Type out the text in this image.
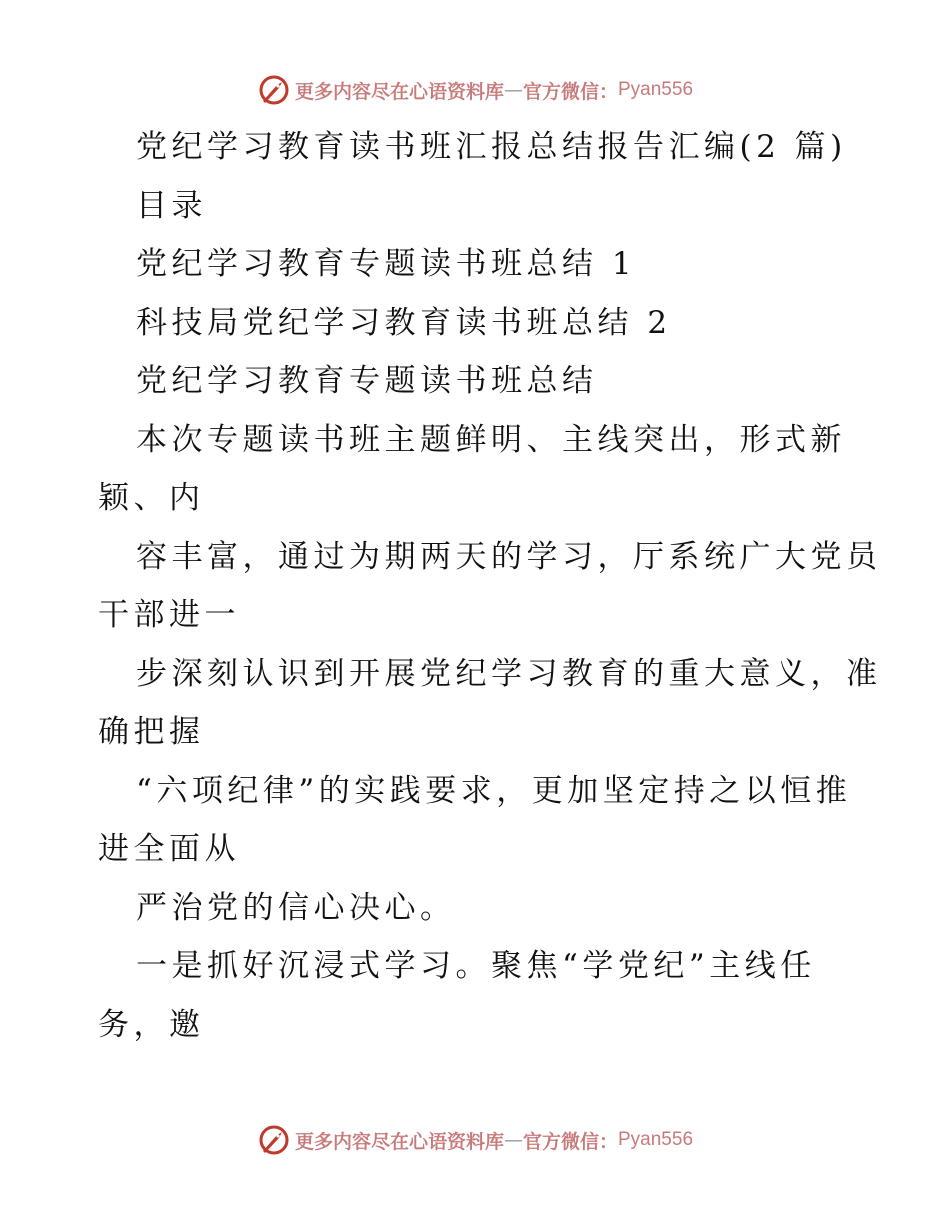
更多内容尽在心语资料库 — 官方微信： Pyan556
党纪学习教育读书班汇报总结报告汇编(2 篇)
目录
党纪学习教育专题读书班总结 1
科技局党纪学习教育读书班总结 2
党纪学习教育专题读书班总结
本次专题读书班主题鲜明、主线突出，形式新
颖、内
容丰富，通过为期两天的学习，厅系统广大党员
干部进一
步深刻认识到开展党纪学习教育的重大意义，准
确把握
“六项纪律”的实践要求，更加坚定持之以恒推
进全面从
严治党的信心决心。
一是抓好沉浸式学习。聚焦“学党纪”主线任
务，邀
更多内容尽在心语资料库 — 官方微信： Pyan556
